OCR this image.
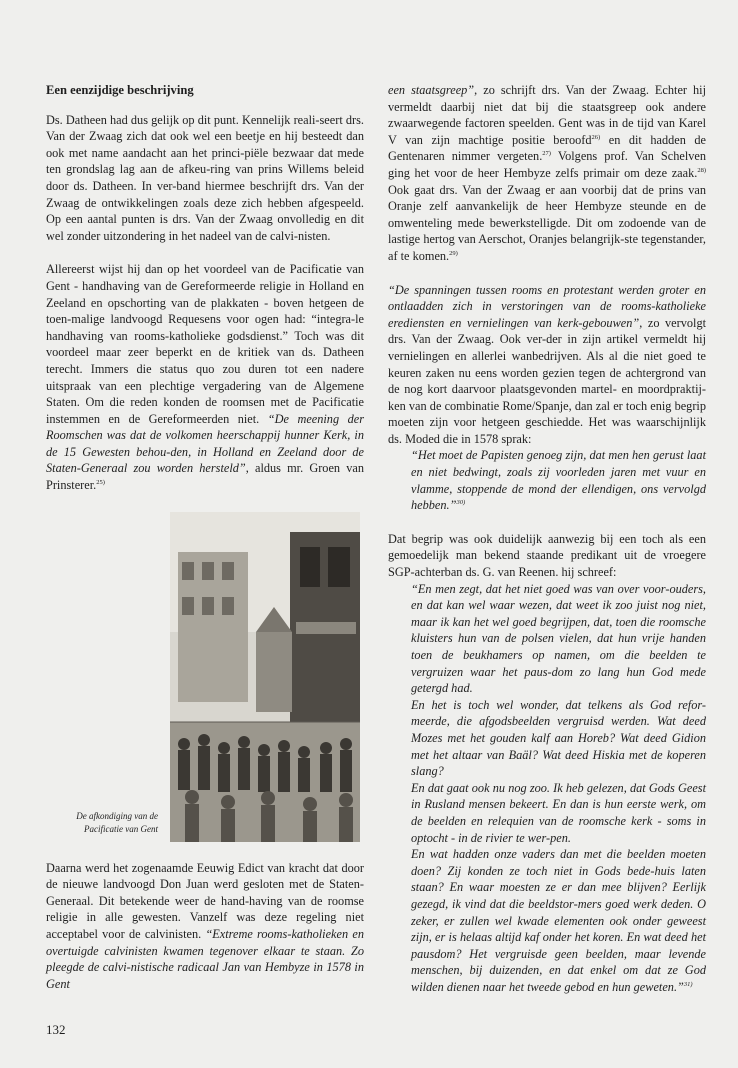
Een eenzijdige beschrijving

Ds. Datheen had dus gelijk op dit punt. Kennelijk reali-seert drs. Van der Zwaag zich dat ook wel een beetje en hij besteedt dan ook met name aandacht aan het princi-piële bezwaar dat mede ten grondslag lag aan de afkeu-ring van prins Willems beleid door ds. Datheen. In ver-band hiermee beschrijft drs. Van der Zwaag de ontwikkelingen zoals deze zich hebben afgespeeld. Op een aantal punten is drs. Van der Zwaag onvolledig en dit wel zonder uitzondering in het nadeel van de calvi-nisten.

Allereerst wijst hij dan op het voordeel van de Pacificatie van Gent - handhaving van de Gereformeerde religie in Holland en Zeeland en opschorting van de plakkaten - boven hetgeen de toen-malige landvoogd Requesens voor ogen had: “integra-le handhaving van rooms-katholieke godsdienst.” Toch was dit voordeel maar zeer beperkt en de kritiek van ds. Datheen terecht. Immers die status quo zou duren tot een nadere uitspraak van een plechtige vergadering van de Algemene Staten. Om die reden konden de roomsen met de Pacificatie instemmen en de Gereformeerden niet. “De meening der Roomschen was dat de volkomen heerschappij hunner Kerk, in de 15 Gewesten behou-den, in Holland en Zeeland door de Staten-Generaal zou worden hersteld”, aldus mr. Groen van Prinsterer.$^{25)}$

De afkondiging van de Pacificatie van Gent

Daarna werd het zogenaamde Eeuwig Edict van kracht dat door de nieuwe landvoogd Don Juan werd gesloten met de Staten-Generaal. Dit betekende weer de hand-having van de roomse religie in alle gewesten. Vanzelf was deze regeling niet acceptabel voor de calvinisten. “Extreme rooms-katholieken en overtuigde calvinisten kwamen tegenover elkaar te staan. Zo pleegde de calvi-nistische radicaal Jan van Hembyze in 1578 in Gent

een staatsgreep”, zo schrijft drs. Van der Zwaag. Echter hij vermeldt daarbij niet dat bij die staatsgreep ook andere zwaarwegende factoren speelden. Gent was in de tijd van Karel V van zijn machtige positie beroofd$^{26)}$ en dit hadden de Gentenaren nimmer vergeten.$^{27)}$ Volgens prof. Van Schelven ging het voor de heer Hembyze zelfs primair om deze zaak.$^{28)}$ Ook gaat drs. Van der Zwaag er aan voorbij dat de prins van Oranje zelf aanvankelijk de heer Hembyze steunde en de omwenteling mede bewerkstelligde. Dit om zodoende van de lastige hertog van Aerschot, Oranjes belangrijk-ste tegenstander, af te komen.$^{29)}$

“De spanningen tussen rooms en protestant werden groter en ontlaadden zich in verstoringen van de rooms-katholieke erediensten en vernielingen van kerk-gebouwen”, zo vervolgt drs. Van der Zwaag. Ook ver-der in zijn artikel vermeldt hij vernielingen en allerlei wanbedrijven. Als al die niet goed te keuren zaken nu eens worden gezien tegen de achtergrond van de nog kort daarvoor plaatsgevonden martel- en moordpraktij-ken van de combinatie Rome/Spanje, dan zal er toch enig begrip moeten zijn voor hetgeen geschiedde. Het was waarschijnlijk ds. Moded die in 1578 sprak:

“Het moet de Papisten genoeg zijn, dat men hen gerust laat en niet bedwingt, zoals zij voorleden jaren met vuur en vlamme, stoppende de mond der ellendigen, ons vervolgd hebben.”$^{30)}$

Dat begrip was ook duidelijk aanwezig bij een toch als een gemoedelijk man bekend staande predikant uit de vroegere SGP-achterban ds. G. van Reenen. hij schreef:

“En men zegt, dat het niet goed was van over voor-ouders, en dat kan wel waar wezen, dat weet ik zoo juist nog niet, maar ik kan het wel goed begrijpen, dat, toen die roomsche kluisters hun van de polsen vielen, dat hun vrije handen toen de beukhamers op namen, om die beelden te vergruizen waar het paus-dom zo lang hun God mede getergd had.

En het is toch wel wonder, dat telkens als God refor-meerde, die afgodsbeelden vergruisd werden. Wat deed Mozes met het gouden kalf aan Horeb? Wat deed Gidion met het altaar van Baäl? Wat deed Hiskia met de koperen slang?

En dat gaat ook nu nog zoo. Ik heb gelezen, dat Gods Geest in Rusland mensen bekeert. En dan is hun eerste werk, om de beelden en relequien van de roomsche kerk - soms in optocht - in de rivier te wer-pen.

En wat hadden onze vaders dan met die beelden moeten doen? Zij konden ze toch niet in Gods bede-huis laten staan? En waar moesten ze er dan mee blijven? Eerlijk gezegd, ik vind dat die beeldstor-mers goed werk deden. O zeker, er zullen wel kwade elementen ook onder geweest zijn, er is helaas altijd kaf onder het koren. En wat deed het pausdom? Het vergruisde geen beelden, maar levende menschen, bij duizenden, en dat enkel om dat ze God wilden dienen naar het tweede gebod en hun geweten.”$^{31)}$

132
